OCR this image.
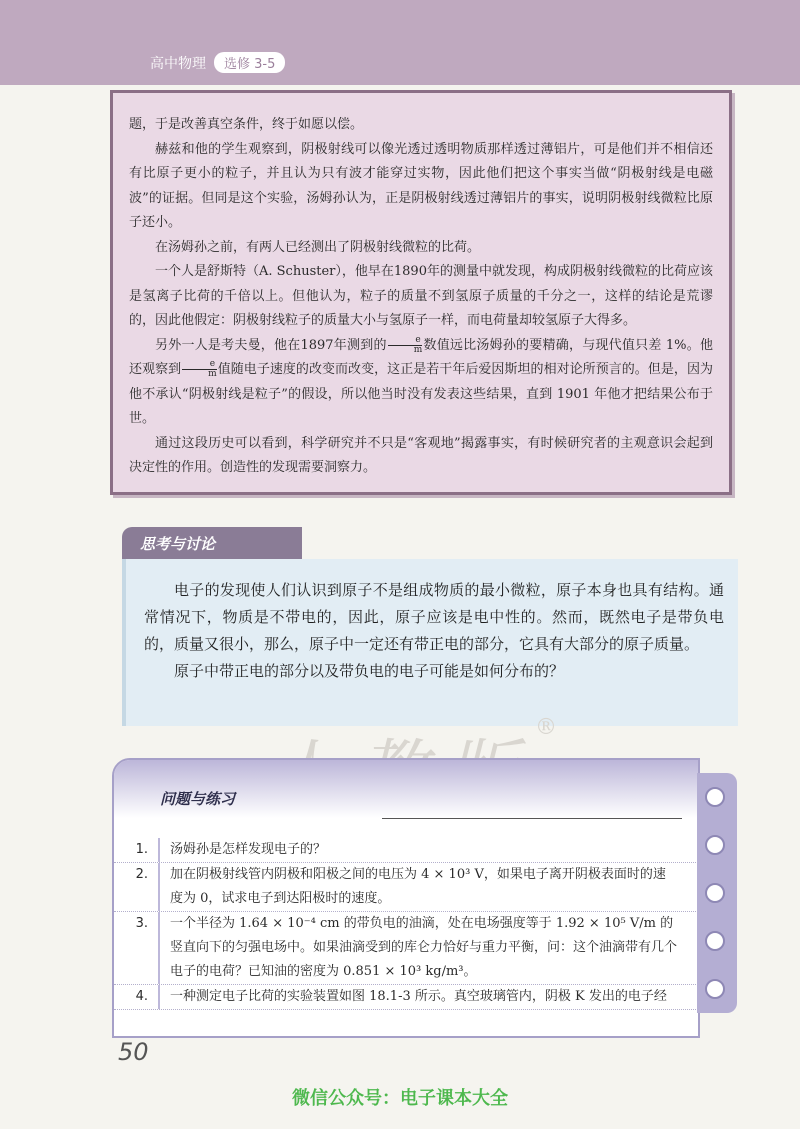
高中物理	选修 3-5

题，于是改善真空条件，终于如愿以偿。

赫兹和他的学生观察到，阴极射线可以像光透过透明物质那样透过薄铝片，可是他们并不相信还有比原子更小的粒子，并且认为只有波才能穿过实物，因此他们把这个事实当做“阴极射线是电磁波”的证据。但同是这个实验，汤姆孙认为，正是阴极射线透过薄铝片的事实，说明阴极射线微粒比原子还小。

在汤姆孙之前，有两人已经测出了阴极射线微粒的比荷。

一个人是舒斯特（A. Schuster），他早在1890年的测量中就发现，构成阴极射线微粒的比荷应该是氢离子比荷的千倍以上。但他认为，粒子的质量不到氢原子质量的千分之一，这样的结论是荒谬的，因此他假定：阴极射线粒子的质量大小与氢原子一样，而电荷量却较氢原子大得多。

另外一人是考夫曼，他在1897年测到的 $\frac{e}{m}$ 数值远比汤姆孙的要精确，与现代值只差 1%。他还观察到 $\frac{e}{m}$ 值随电子速度的改变而改变，这正是若干年后爱因斯坦的相对论所预言的。但是，因为他不承认“阴极射线是粒子”的假设，所以他当时没有发表这些结果，直到 1901 年他才把结果公布于世。

通过这段历史可以看到，科学研究并不只是“客观地”揭露事实，有时候研究者的主观意识会起到决定性的作用。创造性的发现需要洞察力。

思考与讨论

电子的发现使人们认识到原子不是组成物质的最小微粒，原子本身也具有结构。通常情况下，物质是不带电的，因此，原子应该是电中性的。然而，既然电子是带负电的，质量又很小，那么，原子中一定还有带正电的部分，它具有大部分的原子质量。

原子中带正电的部分以及带负电的电子可能是如何分布的？

®
问题与练习
1.	汤姆孙是怎样发现电子的？
2.	加在阴极射线管内阴极和阳极之间的电压为 4 × 10³ V，如果电子离开阴极表面时的速度为 0，试求电子到达阳极时的速度。
3.	一个半径为 1.64 × 10⁻⁴ cm 的带负电的油滴，处在电场强度等于 1.92 × 10⁵ V/m 的竖直向下的匀强电场中。如果油滴受到的库仑力恰好与重力平衡，问：这个油滴带有几个电子的电荷？已知油的密度为 0.851 × 10³ kg/m³。
4.	一种测定电子比荷的实验装置如图 18.1-3 所示。真空玻璃管内，阴极 K 发出的电子经
50
微信公众号：电子课本大全
